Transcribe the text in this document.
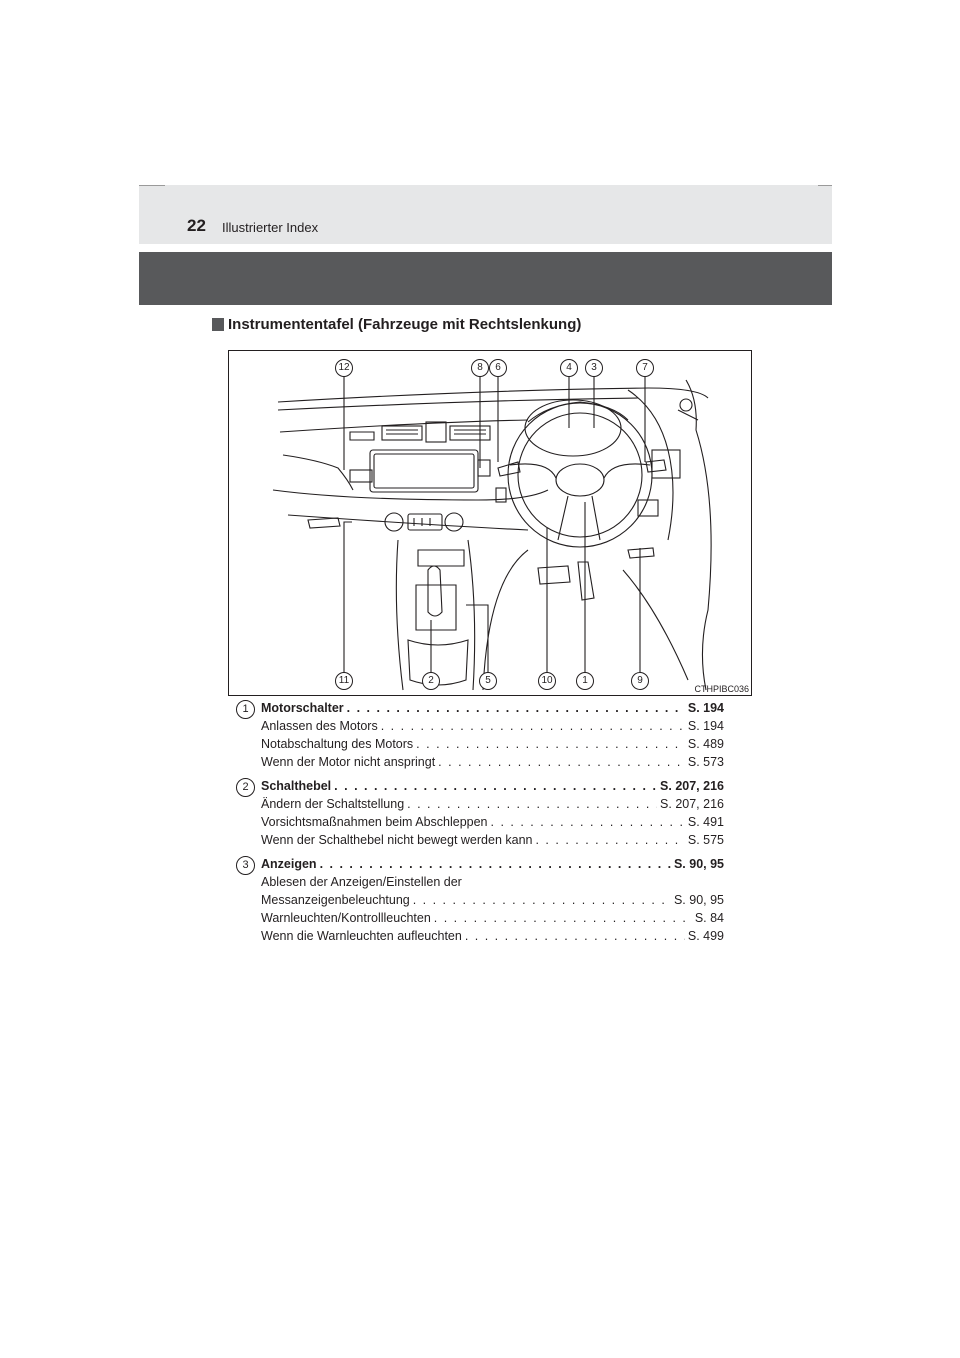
22 Illustrierter Index
Instrumententafel (Fahrzeuge mit Rechtslenkung)
12	8	6	4	3	7
11	2	5	10	1	9
CTHPIBC036
1 Motorschalter . . .	S. 194
Anlassen des Motors . . .	S. 194
Notabschaltung des Motors . . .	S. 489
Wenn der Motor nicht anspringt . . .	S. 573
2 Schalthebel . . .	S. 207, 216
Ändern der Schaltstellung . . .	S. 207, 216
Vorsichtsmaßnahmen beim Abschleppen . . .	S. 491
Wenn der Schalthebel nicht bewegt werden kann . . .	S. 575
3 Anzeigen . . .	S. 90, 95
Ablesen der Anzeigen/Einstellen der
Messanzeigenbeleuchtung . . .	S. 90, 95
Warnleuchten/Kontrollleuchten . . .	S. 84
Wenn die Warnleuchten aufleuchten . . .	S. 499
